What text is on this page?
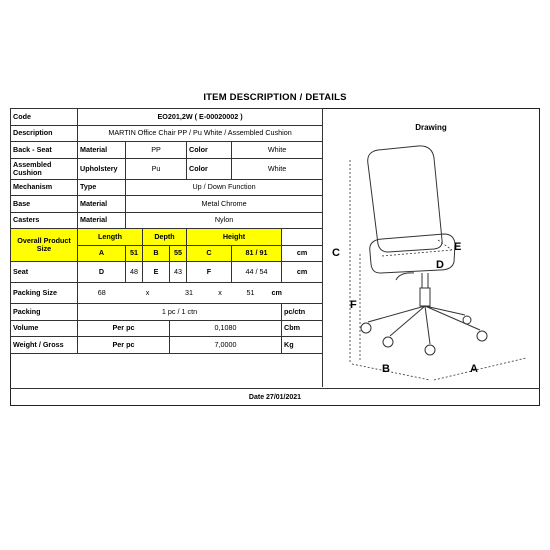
ITEM DESCRIPTION / DETAILS
Code	EO201,2W ( E-00020002 )								
Description	MARTIN Office Chair PP / Pu White / Assembled Cushion								
Back - Seat	Material	PP			Color		White		
Assembled Cushion	Upholstery	Pu			Color		White		
Mechanism	Type	Up / Down Function							
Base	Material	Metal Chrome							
Casters	Material	Nylon							
Overall Product Size	Length		Depth		Height				
	A	51	B	55	C		81 / 91		cm
Seat	D	48	E	43	F		44 / 54		cm
Packing Size	68	x		31		x	51	cm	
Packing	1 pc / 1 ctn								pc/ctn
Volume	Per pc			0,1080					Cbm
Weight / Gross	Per pc			7,0000					Kg
Drawing
C
F
B	A
D
E
Date 27/01/2021
